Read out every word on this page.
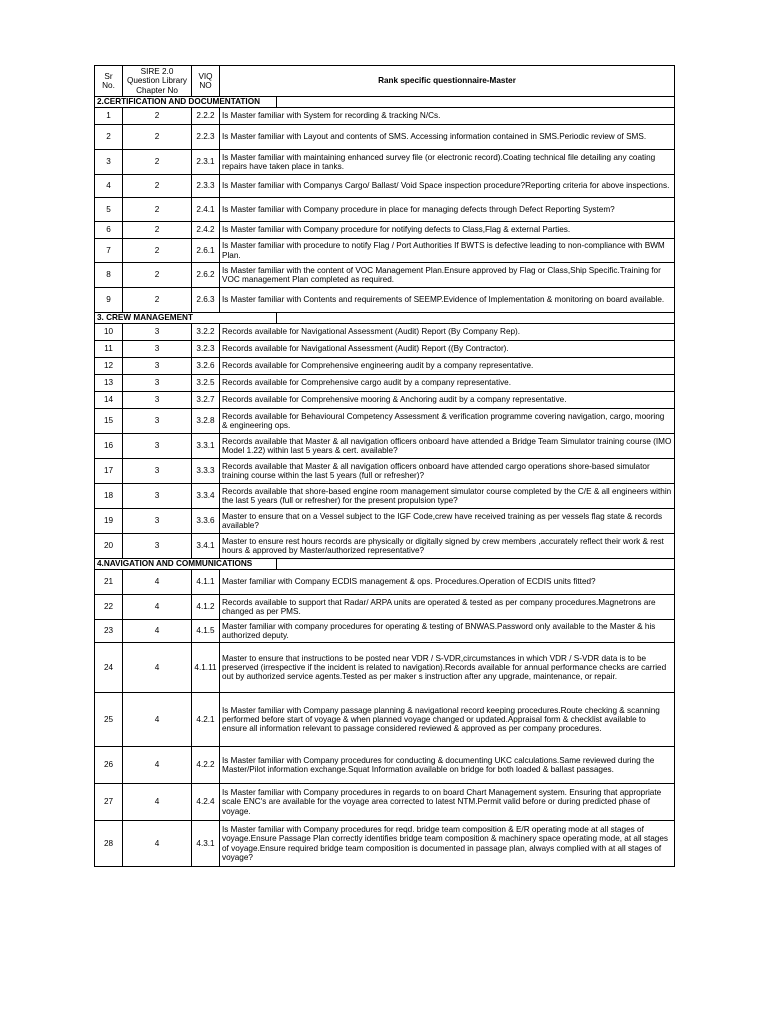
Sr No.	SIRE 2.0 Question Library Chapter No	VIQ NO	Rank specific questionnaire-Master	
2.CERTIFICATION AND DOCUMENTATION				
1	2	2.2.2	Is Master familiar with System for recording & tracking N/Cs.	
2	2	2.2.3	Is Master familiar with Layout and contents of SMS. Accessing information contained in SMS.Periodic review of SMS.	
3	2	2.3.1	Is Master familiar with maintaining enhanced survey file (or electronic record).Coating technical file detailing any coating repairs have taken place in tanks.	
4	2	2.3.3	Is Master familiar with Companys Cargo/ Ballast/ Void Space inspection procedure?Reporting criteria for above inspections.	
5	2	2.4.1	Is Master familiar with Company procedure in place for managing defects through Defect Reporting System?	
6	2	2.4.2	Is Master familiar with Company procedure for notifying defects to Class,Flag & external Parties.	
7	2	2.6.1	Is Master familiar with procedure to notify Flag / Port Authorities If BWTS is defective leading to non-compliance with BWM Plan.	
8	2	2.6.2	Is Master familiar with the content of VOC Management Plan.Ensure approved by Flag or Class,Ship Specific.Training for VOC management Plan completed as required.	
9	2	2.6.3	Is Master familiar with Contents and requirements of SEEMP.Evidence of Implementation & monitoring on board available.	
3. CREW MANAGEMENT				
10	3	3.2.2	Records available for Navigational Assessment (Audit) Report (By Company Rep).	
11	3	3.2.3	Records available for Navigational Assessment (Audit) Report ((By Contractor).	
12	3	3.2.6	Records available for Comprehensive engineering audit by a company representative.	
13	3	3.2.5	Records available for Comprehensive cargo audit by a company representative.	
14	3	3.2.7	Records available for Comprehensive mooring & Anchoring audit by a company representative.	
15	3	3.2.8	Records available for Behavioural Competency Assessment & verification programme covering navigation, cargo, mooring & engineering ops.	
16	3	3.3.1	Records available that Master & all navigation officers onboard have attended a Bridge Team Simulator training course (IMO Model 1.22) within last 5 years & cert. available?	
17	3	3.3.3	Records available that Master & all navigation officers onboard have attended cargo operations shore-based simulator training course within the last 5 years (full or refresher)?	
18	3	3.3.4	Records available that shore-based engine room management simulator course completed by the C/E & all engineers within the last 5 years (full or refresher) for the present propulsion type?	
19	3	3.3.6	Master to ensure that on a Vessel subject to the IGF Code,crew have received training as per vessels flag state & records available?	
20	3	3.4.1	Master to ensure rest hours records are physically or digitally signed by crew members ,accurately reflect their work & rest hours & approved by Master/authorized representative?	
4.NAVIGATION AND COMMUNICATIONS				
21	4	4.1.1	Master familiar with Company ECDIS management & ops. Procedures.Operation of ECDIS units fitted?	
22	4	4.1.2	Records available to support that Radar/ ARPA units are operated & tested as per company procedures.Magnetrons are changed as per PMS.	
23	4	4.1.5	Master familiar with company procedures for operating & testing of BNWAS.Password only available to the Master & his authorized deputy.	
24	4	4.1.11	Master to ensure that instructions to be posted near VDR / S-VDR,circumstances in which VDR / S-VDR data is to be preserved (irrespective if the incident is related to navigation).Records available for annual performance checks are carried out by authorized service agents.Tested as per maker s instruction after any upgrade, maintenance, or repair.	
25	4	4.2.1	Is Master familiar with Company passage planning & navigational record keeping procedures.Route checking & scanning performed before start of voyage & when planned voyage changed or updated.Appraisal form & checklist available to ensure all information relevant to passage considered reviewed & approved as per company procedures.	
26	4	4.2.2	Is Master familiar with Company procedures for conducting & documenting UKC calculations.Same reviewed during the Master/Pilot information exchange.Squat Information available on bridge for both loaded & ballast passages.	
27	4	4.2.4	Is Master familiar with Company procedures in regards to on board Chart Management system. Ensuring that appropriate scale ENC's are available for the voyage area corrected to latest NTM.Permit valid before or during predicted phase of voyage.	
28	4	4.3.1	Is Master familiar with Company procedures for reqd. bridge team composition & E/R operating mode at all stages of voyage.Ensure Passage Plan correctly identifies bridge team composition & machinery space operating mode, at all stages of voyage.Ensure required bridge team composition is documented in passage plan, always complied with at all stages of voyage?	
